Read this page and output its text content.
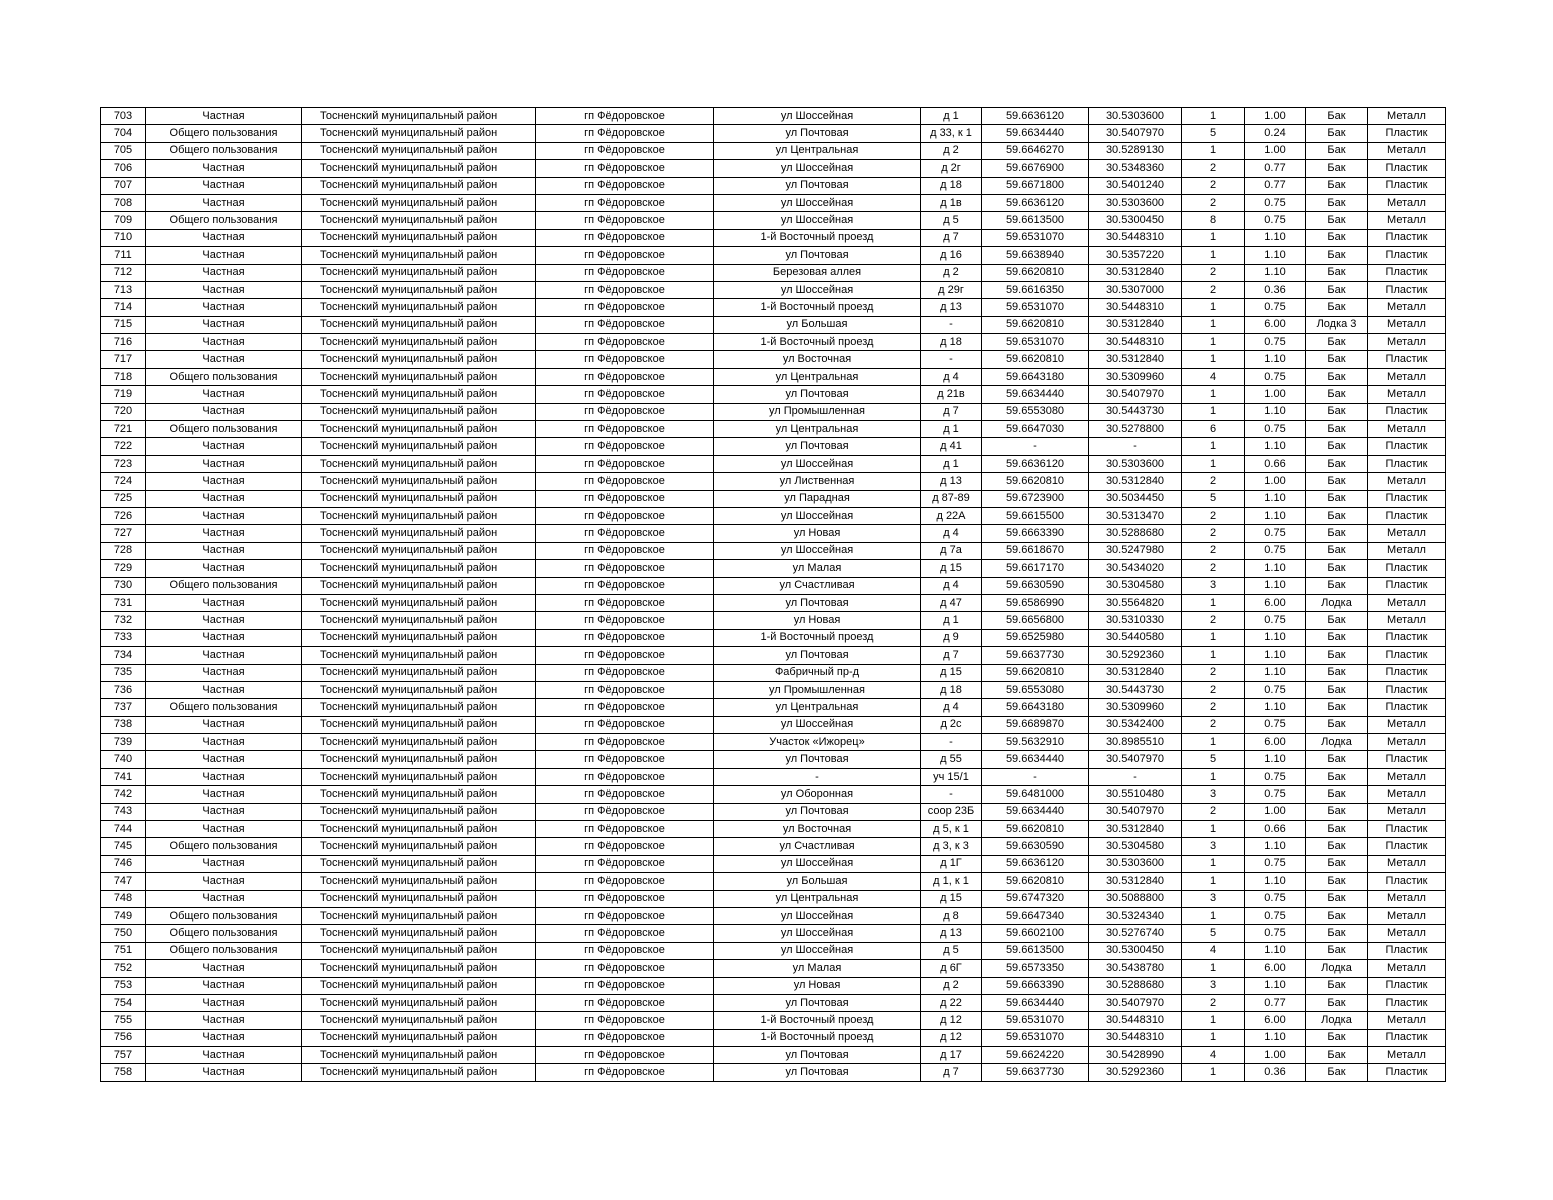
703	Частная	Тосненский муниципальный район	гп Фёдоровское	ул Шоссейная	д 1	59.6636120	30.5303600	1	1.00	Бак	Металл
704	Общего пользования	Тосненский муниципальный район	гп Фёдоровское	ул Почтовая	д 33, к 1	59.6634440	30.5407970	5	0.24	Бак	Пластик
705	Общего пользования	Тосненский муниципальный район	гп Фёдоровское	ул Центральная	д 2	59.6646270	30.5289130	1	1.00	Бак	Металл
706	Частная	Тосненский муниципальный район	гп Фёдоровское	ул Шоссейная	д 2г	59.6676900	30.5348360	2	0.77	Бак	Пластик
707	Частная	Тосненский муниципальный район	гп Фёдоровское	ул Почтовая	д 18	59.6671800	30.5401240	2	0.77	Бак	Пластик
708	Частная	Тосненский муниципальный район	гп Фёдоровское	ул Шоссейная	д 1в	59.6636120	30.5303600	2	0.75	Бак	Металл
709	Общего пользования	Тосненский муниципальный район	гп Фёдоровское	ул Шоссейная	д 5	59.6613500	30.5300450	8	0.75	Бак	Металл
710	Частная	Тосненский муниципальный район	гп Фёдоровское	1-й Восточный проезд	д 7	59.6531070	30.5448310	1	1.10	Бак	Пластик
711	Частная	Тосненский муниципальный район	гп Фёдоровское	ул Почтовая	д 16	59.6638940	30.5357220	1	1.10	Бак	Пластик
712	Частная	Тосненский муниципальный район	гп Фёдоровское	Березовая аллея	д 2	59.6620810	30.5312840	2	1.10	Бак	Пластик
713	Частная	Тосненский муниципальный район	гп Фёдоровское	ул Шоссейная	д 29г	59.6616350	30.5307000	2	0.36	Бак	Пластик
714	Частная	Тосненский муниципальный район	гп Фёдоровское	1-й Восточный проезд	д 13	59.6531070	30.5448310	1	0.75	Бак	Металл
715	Частная	Тосненский муниципальный район	гп Фёдоровское	ул Большая	-	59.6620810	30.5312840	1	6.00	Лодка 3	Металл
716	Частная	Тосненский муниципальный район	гп Фёдоровское	1-й Восточный проезд	д 18	59.6531070	30.5448310	1	0.75	Бак	Металл
717	Частная	Тосненский муниципальный район	гп Фёдоровское	ул Восточная	-	59.6620810	30.5312840	1	1.10	Бак	Пластик
718	Общего пользования	Тосненский муниципальный район	гп Фёдоровское	ул Центральная	д 4	59.6643180	30.5309960	4	0.75	Бак	Металл
719	Частная	Тосненский муниципальный район	гп Фёдоровское	ул Почтовая	д 21в	59.6634440	30.5407970	1	1.00	Бак	Металл
720	Частная	Тосненский муниципальный район	гп Фёдоровское	ул Промышленная	д 7	59.6553080	30.5443730	1	1.10	Бак	Пластик
721	Общего пользования	Тосненский муниципальный район	гп Фёдоровское	ул Центральная	д 1	59.6647030	30.5278800	6	0.75	Бак	Металл
722	Частная	Тосненский муниципальный район	гп Фёдоровское	ул Почтовая	д 41	-	-	1	1.10	Бак	Пластик
723	Частная	Тосненский муниципальный район	гп Фёдоровское	ул Шоссейная	д 1	59.6636120	30.5303600	1	0.66	Бак	Пластик
724	Частная	Тосненский муниципальный район	гп Фёдоровское	ул Лиственная	д 13	59.6620810	30.5312840	2	1.00	Бак	Металл
725	Частная	Тосненский муниципальный район	гп Фёдоровское	ул Парадная	д 87-89	59.6723900	30.5034450	5	1.10	Бак	Пластик
726	Частная	Тосненский муниципальный район	гп Фёдоровское	ул Шоссейная	д 22А	59.6615500	30.5313470	2	1.10	Бак	Пластик
727	Частная	Тосненский муниципальный район	гп Фёдоровское	ул Новая	д 4	59.6663390	30.5288680	2	0.75	Бак	Металл
728	Частная	Тосненский муниципальный район	гп Фёдоровское	ул Шоссейная	д 7а	59.6618670	30.5247980	2	0.75	Бак	Металл
729	Частная	Тосненский муниципальный район	гп Фёдоровское	ул Малая	д 15	59.6617170	30.5434020	2	1.10	Бак	Пластик
730	Общего пользования	Тосненский муниципальный район	гп Фёдоровское	ул Счастливая	д 4	59.6630590	30.5304580	3	1.10	Бак	Пластик
731	Частная	Тосненский муниципальный район	гп Фёдоровское	ул Почтовая	д 47	59.6586990	30.5564820	1	6.00	Лодка	Металл
732	Частная	Тосненский муниципальный район	гп Фёдоровское	ул Новая	д 1	59.6656800	30.5310330	2	0.75	Бак	Металл
733	Частная	Тосненский муниципальный район	гп Фёдоровское	1-й Восточный проезд	д 9	59.6525980	30.5440580	1	1.10	Бак	Пластик
734	Частная	Тосненский муниципальный район	гп Фёдоровское	ул Почтовая	д 7	59.6637730	30.5292360	1	1.10	Бак	Пластик
735	Частная	Тосненский муниципальный район	гп Фёдоровское	Фабричный пр-д	д 15	59.6620810	30.5312840	2	1.10	Бак	Пластик
736	Частная	Тосненский муниципальный район	гп Фёдоровское	ул Промышленная	д 18	59.6553080	30.5443730	2	0.75	Бак	Пластик
737	Общего пользования	Тосненский муниципальный район	гп Фёдоровское	ул Центральная	д 4	59.6643180	30.5309960	2	1.10	Бак	Пластик
738	Частная	Тосненский муниципальный район	гп Фёдоровское	ул Шоссейная	д 2с	59.6689870	30.5342400	2	0.75	Бак	Металл
739	Частная	Тосненский муниципальный район	гп Фёдоровское	Участок «Ижорец»	-	59.5632910	30.8985510	1	6.00	Лодка	Металл
740	Частная	Тосненский муниципальный район	гп Фёдоровское	ул Почтовая	д 55	59.6634440	30.5407970	5	1.10	Бак	Пластик
741	Частная	Тосненский муниципальный район	гп Фёдоровское	-	уч 15/1	-	-	1	0.75	Бак	Металл
742	Частная	Тосненский муниципальный район	гп Фёдоровское	ул Оборонная	-	59.6481000	30.5510480	3	0.75	Бак	Металл
743	Частная	Тосненский муниципальный район	гп Фёдоровское	ул Почтовая	соор 23Б	59.6634440	30.5407970	2	1.00	Бак	Металл
744	Частная	Тосненский муниципальный район	гп Фёдоровское	ул Восточная	д 5, к 1	59.6620810	30.5312840	1	0.66	Бак	Пластик
745	Общего пользования	Тосненский муниципальный район	гп Фёдоровское	ул Счастливая	д 3, к 3	59.6630590	30.5304580	3	1.10	Бак	Пластик
746	Частная	Тосненский муниципальный район	гп Фёдоровское	ул Шоссейная	д 1Г	59.6636120	30.5303600	1	0.75	Бак	Металл
747	Частная	Тосненский муниципальный район	гп Фёдоровское	ул Большая	д 1, к 1	59.6620810	30.5312840	1	1.10	Бак	Пластик
748	Частная	Тосненский муниципальный район	гп Фёдоровское	ул Центральная	д 15	59.6747320	30.5088800	3	0.75	Бак	Металл
749	Общего пользования	Тосненский муниципальный район	гп Фёдоровское	ул Шоссейная	д 8	59.6647340	30.5324340	1	0.75	Бак	Металл
750	Общего пользования	Тосненский муниципальный район	гп Фёдоровское	ул Шоссейная	д 13	59.6602100	30.5276740	5	0.75	Бак	Металл
751	Общего пользования	Тосненский муниципальный район	гп Фёдоровское	ул Шоссейная	д 5	59.6613500	30.5300450	4	1.10	Бак	Пластик
752	Частная	Тосненский муниципальный район	гп Фёдоровское	ул Малая	д 6Г	59.6573350	30.5438780	1	6.00	Лодка	Металл
753	Частная	Тосненский муниципальный район	гп Фёдоровское	ул Новая	д 2	59.6663390	30.5288680	3	1.10	Бак	Пластик
754	Частная	Тосненский муниципальный район	гп Фёдоровское	ул Почтовая	д 22	59.6634440	30.5407970	2	0.77	Бак	Пластик
755	Частная	Тосненский муниципальный район	гп Фёдоровское	1-й Восточный проезд	д 12	59.6531070	30.5448310	1	6.00	Лодка	Металл
756	Частная	Тосненский муниципальный район	гп Фёдоровское	1-й Восточный проезд	д 12	59.6531070	30.5448310	1	1.10	Бак	Пластик
757	Частная	Тосненский муниципальный район	гп Фёдоровское	ул Почтовая	д 17	59.6624220	30.5428990	4	1.00	Бак	Металл
758	Частная	Тосненский муниципальный район	гп Фёдоровское	ул Почтовая	д 7	59.6637730	30.5292360	1	0.36	Бак	Пластик
